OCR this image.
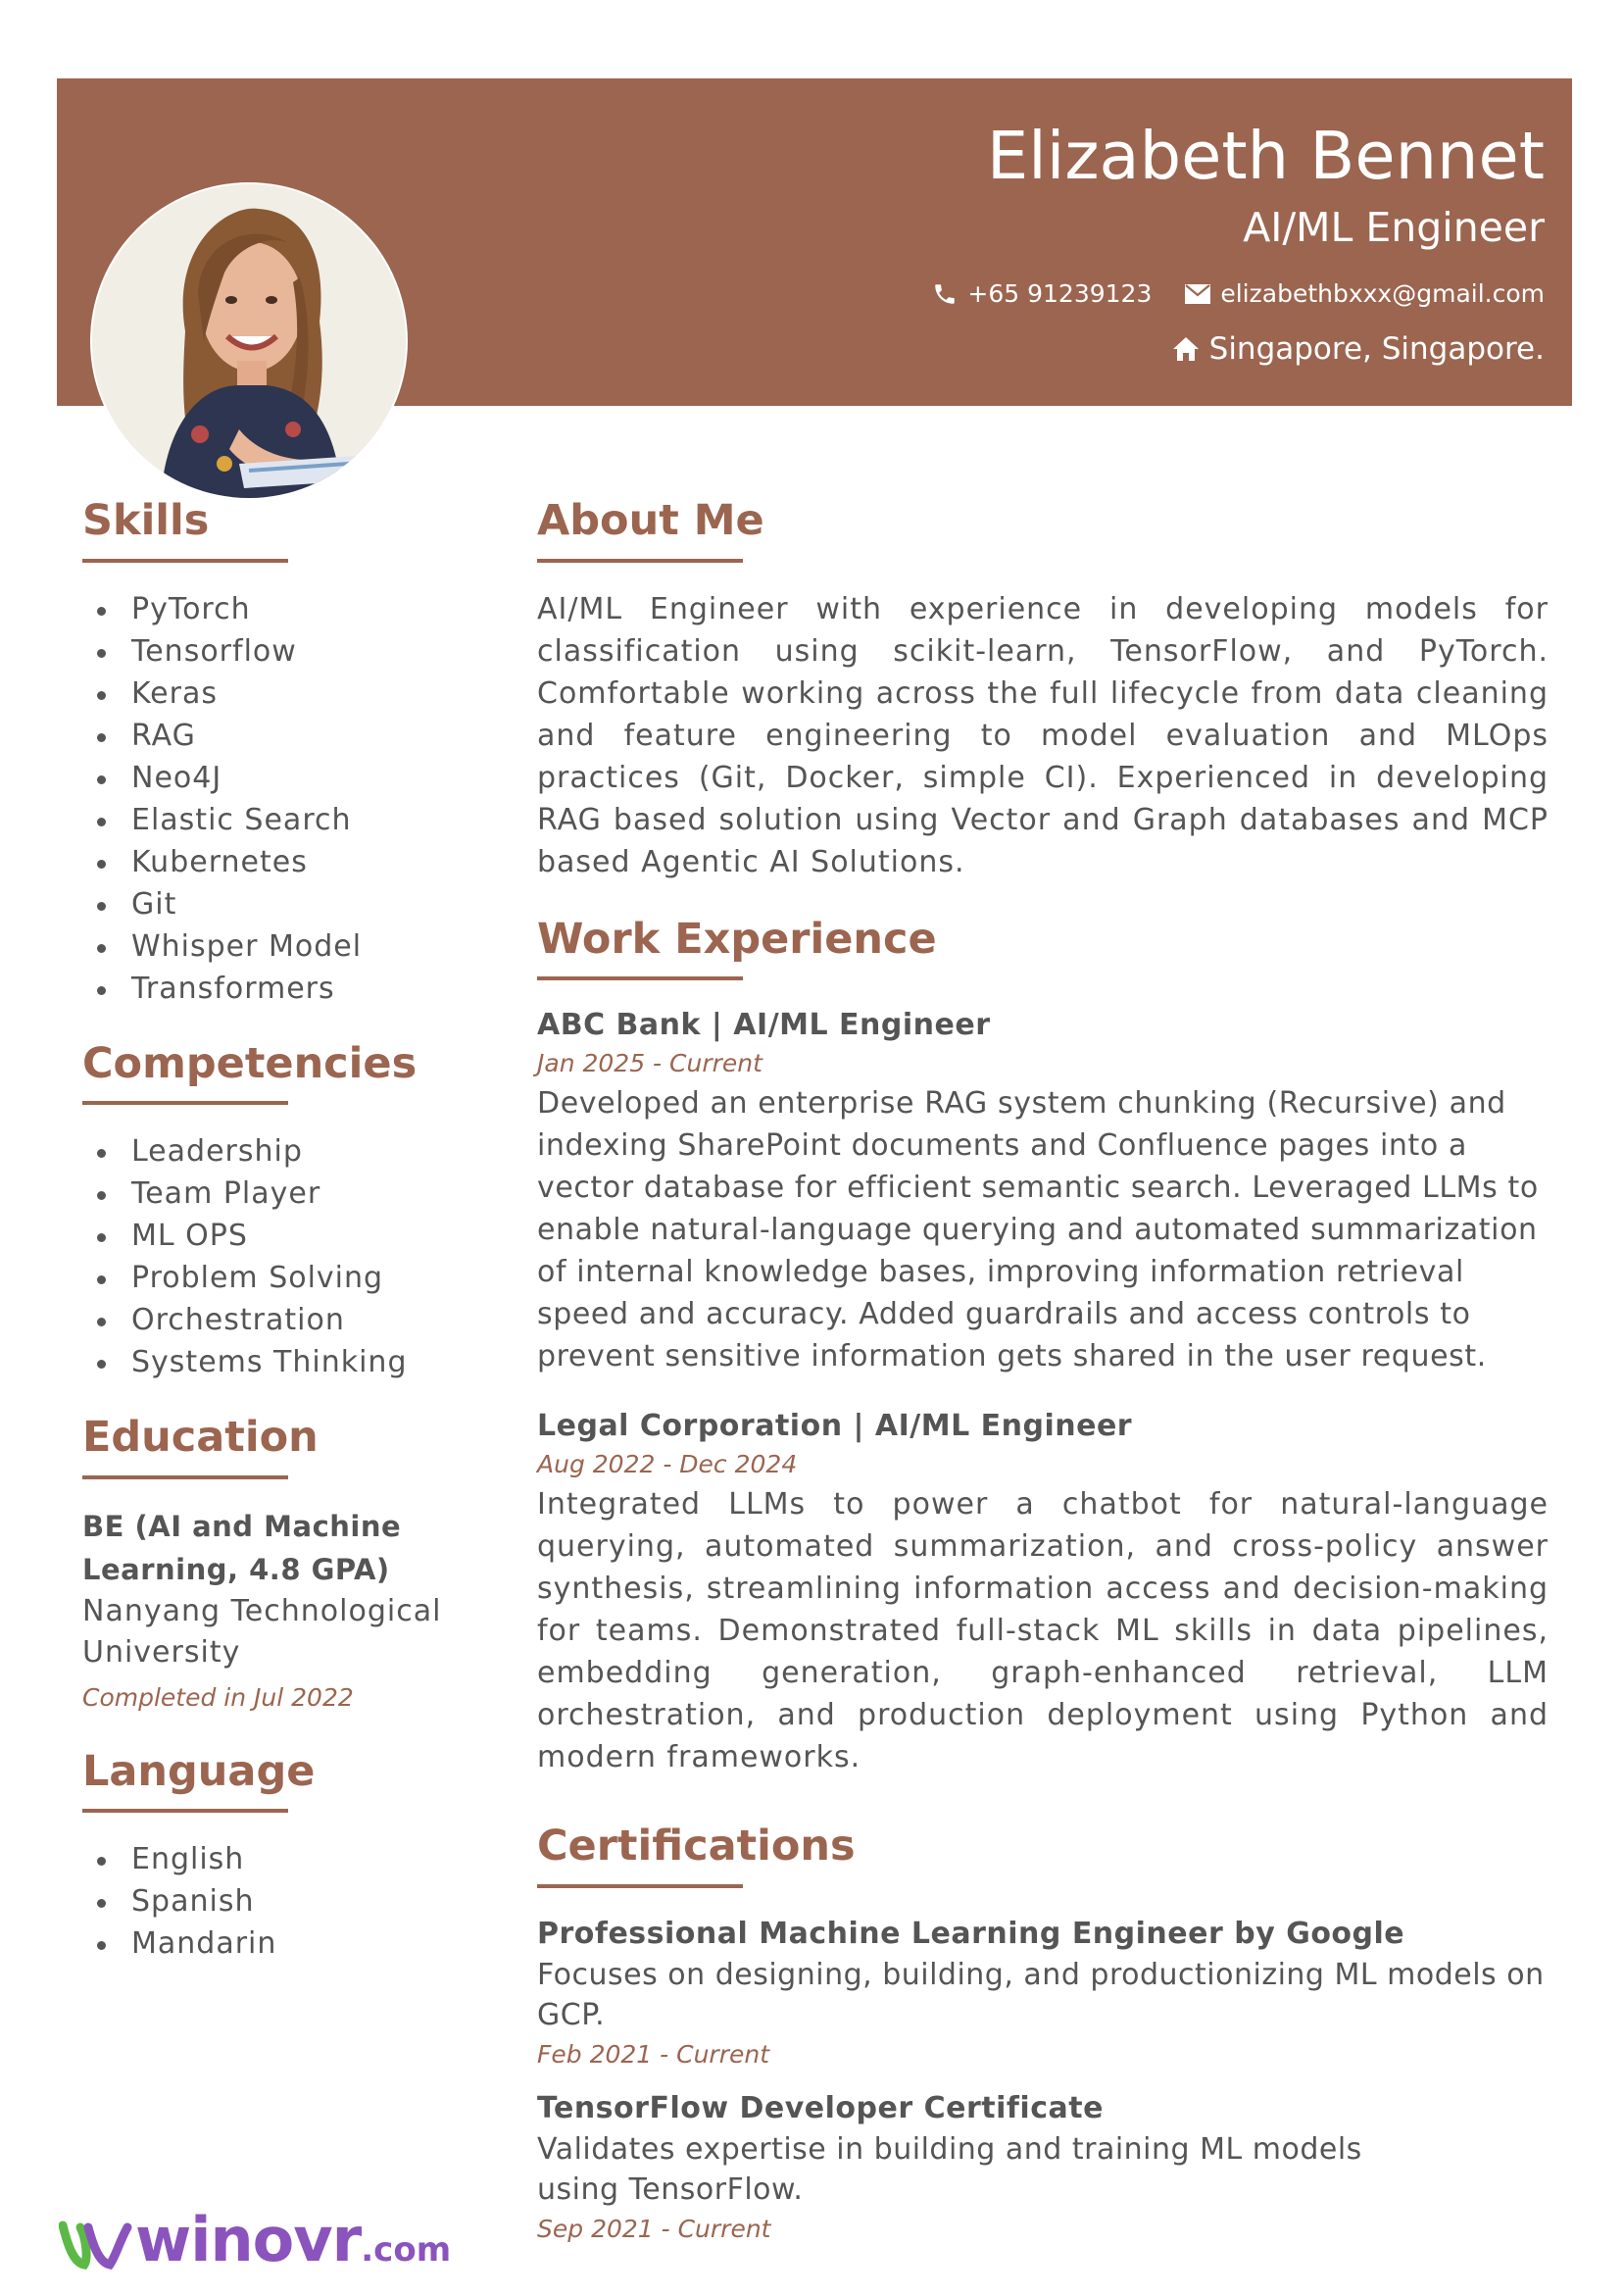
Elizabeth Bennet
AI/ML Engineer
+65 91239123	elizabethbxxx@gmail.com
Singapore, Singapore.
Skills
PyTorch
Tensorflow
Keras
RAG
Neo4J
Elastic Search
Kubernetes
Git
Whisper Model
Transformers
Competencies
Leadership
Team Player
ML OPS
Problem Solving
Orchestration
Systems Thinking
Education
BE (AI and Machine Learning, 4.8 GPA)
Nanyang Technological University
Completed in Jul 2022
Language
English
Spanish
Mandarin
About Me

AI/ML Engineer with experience in developing models for classification using scikit-learn, TensorFlow, and PyTorch. Comfortable working across the full lifecycle from data cleaning and feature engineering to model evaluation and MLOps practices (Git, Docker, simple CI). Experienced in developing RAG based solution using Vector and Graph databases and MCP based Agentic AI Solutions.

Work Experience
ABC Bank | AI/ML Engineer
Jan 2025 - Current

Developed an enterprise RAG system chunking (Recursive) and indexing SharePoint documents and Confluence pages into a vector database for efficient semantic search. Leveraged LLMs to enable natural-language querying and automated summarization of internal knowledge bases, improving information retrieval speed and accuracy. Added guardrails and access controls to prevent sensitive information gets shared in the user request.

Legal Corporation | AI/ML Engineer
Aug 2022 - Dec 2024

Integrated LLMs to power a chatbot for natural-language querying, automated summarization, and cross-policy answer synthesis, streamlining information access and decision-making for teams. Demonstrated full-stack ML skills in data pipelines, embedding generation, graph-enhanced retrieval, LLM orchestration, and production deployment using Python and modern frameworks.

Certifications
Professional Machine Learning Engineer by Google
Focuses on designing, building, and productionizing ML models on GCP.
Feb 2021 - Current
TensorFlow Developer Certificate
Validates expertise in building and training ML models using TensorFlow.
Sep 2021 - Current
winovr .com
